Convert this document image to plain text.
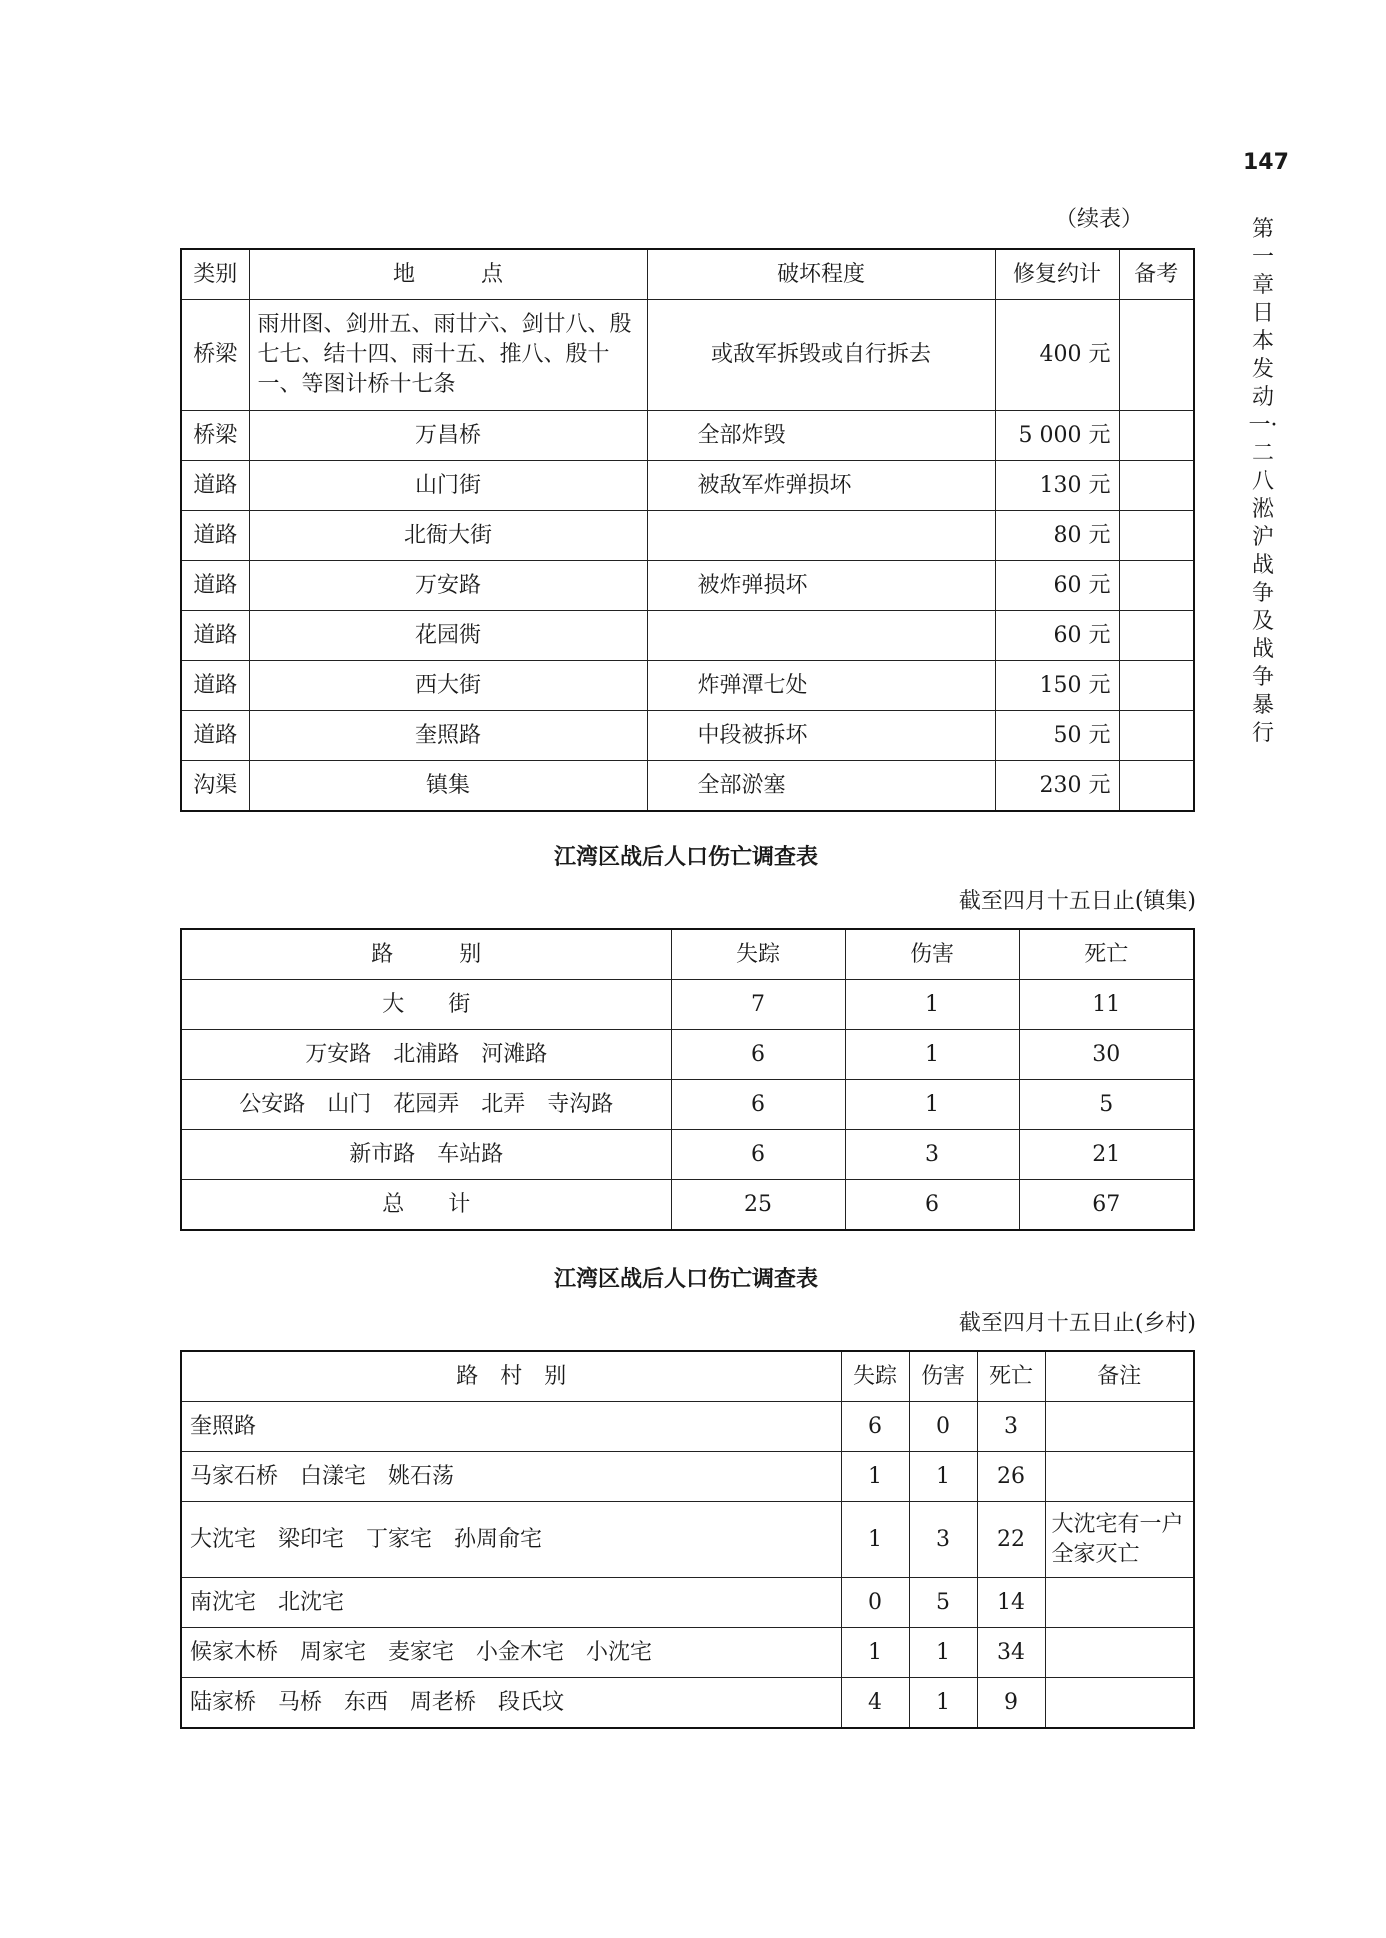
147
第一章　日本发动一·二八淞沪战争及战争暴行
（续表）
类别	地　　　点	破坏程度	修复约计	备考
桥梁	雨卅图、剑卅五、雨廿六、剑廿八、殷七七、结十四、雨十五、推八、殷十一、等图计桥十七条	或敌军拆毁或自行拆去	400 元	
桥梁	万昌桥	全部炸毁	5 000 元	
道路	山门街	被敌军炸弹损坏	130 元	
道路	北衙大街		80 元	
道路	万安路	被炸弹损坏	60 元	
道路	花园衖		60 元	
道路	西大街	炸弹潭七处	150 元	
道路	奎照路	中段被拆坏	50 元	
沟渠	镇集	全部淤塞	230 元	
江湾区战后人口伤亡调查表
截至四月十五日止(镇集)
路　　　别	失踪	伤害	死亡
大　　街	7	1	11
万安路　北浦路　河滩路	6	1	30
公安路　山门　花园弄　北弄　寺沟路	6	1	5
新市路　车站路	6	3	21
总　　计	25	6	67
江湾区战后人口伤亡调查表
截至四月十五日止(乡村)
路　村　别	失踪	伤害	死亡	备注
奎照路	6	0	3	
马家石桥　白漾宅　姚石荡	1	1	26	
大沈宅　梁印宅　丁家宅　孙周俞宅	1	3	22	大沈宅有一户全家灭亡
南沈宅　北沈宅	0	5	14	
候家木桥　周家宅　麦家宅　小金木宅　小沈宅	1	1	34	
陆家桥　马桥　东西　周老桥　段氏坟	4	1	9	
